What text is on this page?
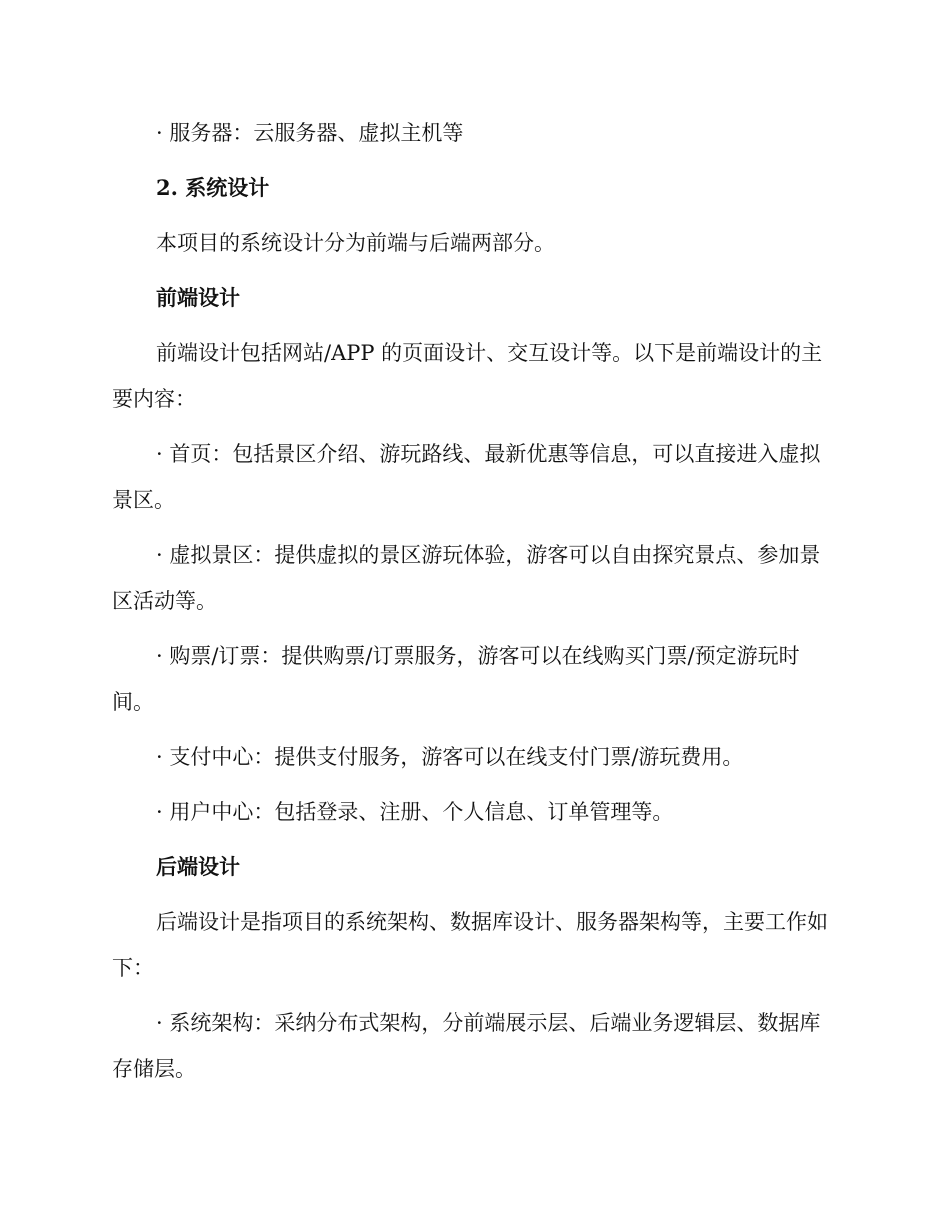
· 服务器：云服务器、虚拟主机等

2. 系统设计

本项目的系统设计分为前端与后端两部分。

前端设计

前端设计包括网站/APP 的页面设计、交互设计等。以下是前端设计的主要内容：

· 首页：包括景区介绍、游玩路线、最新优惠等信息，可以直接进入虚拟景区。

· 虚拟景区：提供虚拟的景区游玩体验，游客可以自由探究景点、参加景区活动等。

· 购票/订票：提供购票/订票服务，游客可以在线购买门票/预定游玩时间。

· 支付中心：提供支付服务，游客可以在线支付门票/游玩费用。

· 用户中心：包括登录、注册、个人信息、订单管理等。

后端设计

后端设计是指项目的系统架构、数据库设计、服务器架构等，主要工作如下：

· 系统架构：采纳分布式架构，分前端展示层、后端业务逻辑层、数据库存储层。
